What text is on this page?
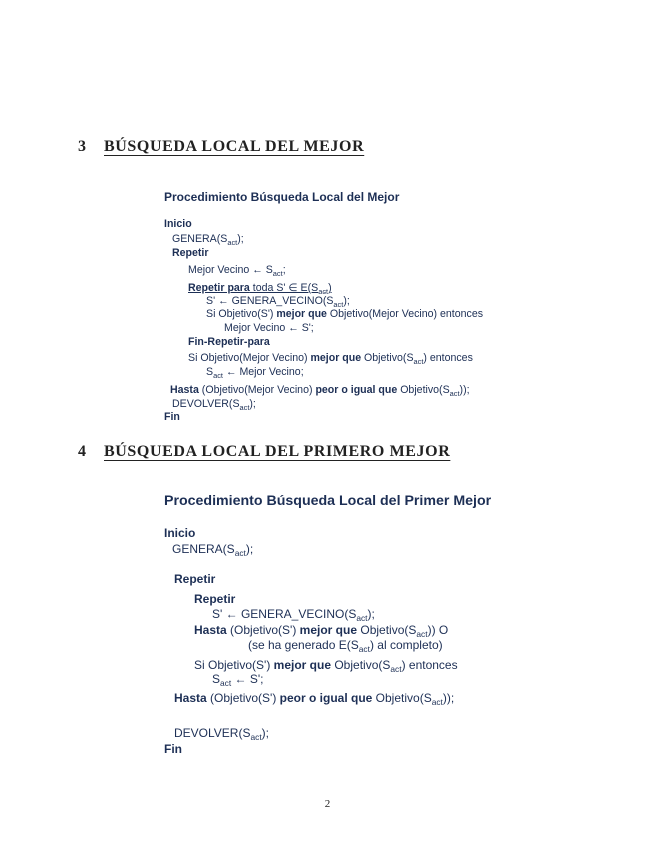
3 BÚSQUEDA LOCAL DEL MEJOR
Procedimiento Búsqueda Local del Mejor
Inicio
$GENERA(S_{act})$;
Repetir
Mejor Vecino ← $S_{act}$;
Repetir para toda S' ∈ $E(S_{act})$
S' ← $GENERA\_VECINO(S_{act})$;
Si Objetivo(S') mejor que Objetivo(Mejor Vecino) entonces
Mejor Vecino ← S';
Fin-Repetir-para
Si Objetivo(Mejor Vecino) mejor que $Objetivo(S_{act})$ entonces
$S_{act}$ ← Mejor Vecino;
Hasta (Objetivo(Mejor Vecino) peor o igual que $Objetivo(S_{act})$);
$DEVOLVER(S_{act})$;
Fin
4 BÚSQUEDA LOCAL DEL PRIMERO MEJOR
Procedimiento Búsqueda Local del Primer Mejor
Inicio
$GENERA(S_{act})$;
Repetir
Repetir
S' ← $GENERA\_VECINO(S_{act})$;
Hasta (Objetivo(S') mejor que $Objetivo(S_{act})$) O
(se ha generado $E(S_{act})$ al completo)
Si Objetivo(S') mejor que $Objetivo(S_{act})$ entonces
$S_{act}$ ← S';
Hasta (Objetivo(S') peor o igual que $Objetivo(S_{act})$);
$DEVOLVER(S_{act})$;
Fin
2
